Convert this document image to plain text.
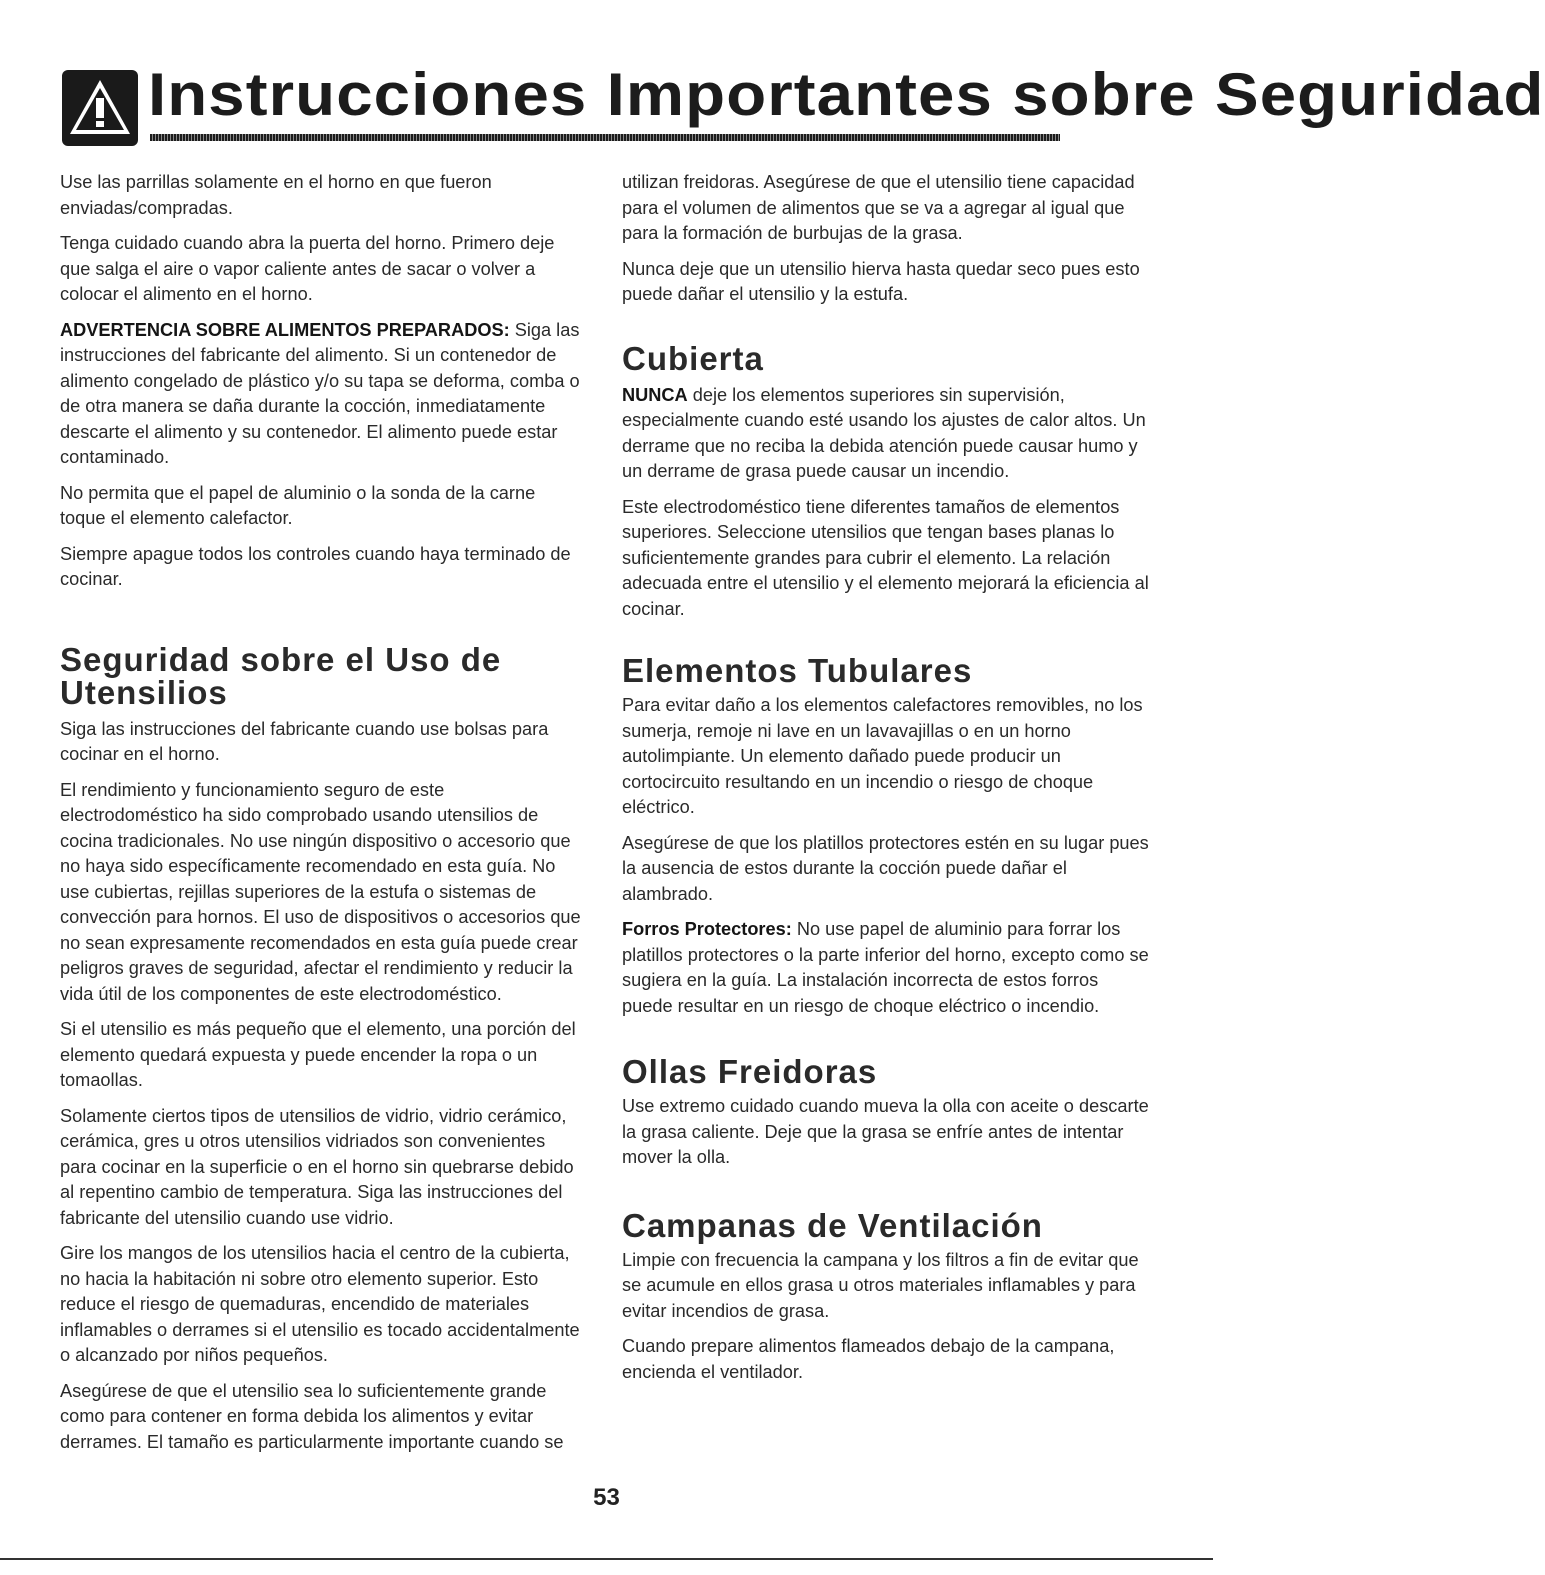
Instrucciones Importantes sobre Seguridad

Use las parrillas solamente en el horno en que fueron enviadas/compradas.

Tenga cuidado cuando abra la puerta del horno. Primero deje que salga el aire o vapor caliente antes de sacar o volver a colocar el alimento en el horno.

ADVERTENCIA SOBRE ALIMENTOS PREPARADOS: Siga las instrucciones del fabricante del alimento. Si un contenedor de alimento congelado de plástico y/o su tapa se deforma, comba o de otra manera se daña durante la cocción, inmediatamente descarte el alimento y su contenedor. El alimento puede estar contaminado.

No permita que el papel de aluminio o la sonda de la carne toque el elemento calefactor.

Siempre apague todos los controles cuando haya terminado de cocinar.

Seguridad sobre el Uso de Utensilios

Siga las instrucciones del fabricante cuando use bolsas para cocinar en el horno.

El rendimiento y funcionamiento seguro de este electrodoméstico ha sido comprobado usando utensilios de cocina tradicionales. No use ningún dispositivo o accesorio que no haya sido específicamente recomendado en esta guía. No use cubiertas, rejillas superiores de la estufa o sistemas de convección para hornos. El uso de dispositivos o accesorios que no sean expresamente recomendados en esta guía puede crear peligros graves de seguridad, afectar el rendimiento y reducir la vida útil de los componentes de este electrodoméstico.

Si el utensilio es más pequeño que el elemento, una porción del elemento quedará expuesta y puede encender la ropa o un tomaollas.

Solamente ciertos tipos de utensilios de vidrio, vidrio cerámico, cerámica, gres u otros utensilios vidriados son convenientes para cocinar en la superficie o en el horno sin quebrarse debido al repentino cambio de temperatura. Siga las instrucciones del fabricante del utensilio cuando use vidrio.

Gire los mangos de los utensilios hacia el centro de la cubierta, no hacia la habitación ni sobre otro elemento superior. Esto reduce el riesgo de quemaduras, encendido de materiales inflamables o derrames si el utensilio es tocado accidentalmente o alcanzado por niños pequeños.

Asegúrese de que el utensilio sea lo suficientemente grande como para contener en forma debida los alimentos y evitar derrames. El tamaño es particularmente importante cuando se

utilizan freidoras. Asegúrese de que el utensilio tiene capacidad para el volumen de alimentos que se va a agregar al igual que para la formación de burbujas de la grasa.

Nunca deje que un utensilio hierva hasta quedar seco pues esto puede dañar el utensilio y la estufa.

Cubierta

NUNCA deje los elementos superiores sin supervisión, especialmente cuando esté usando los ajustes de calor altos. Un derrame que no reciba la debida atención puede causar humo y un derrame de grasa puede causar un incendio.

Este electrodoméstico tiene diferentes tamaños de elementos superiores. Seleccione utensilios que tengan bases planas lo suficientemente grandes para cubrir el elemento. La relación adecuada entre el utensilio y el elemento mejorará la eficiencia al cocinar.

Elementos Tubulares

Para evitar daño a los elementos calefactores removibles, no los sumerja, remoje ni lave en un lavavajillas o en un horno autolimpiante. Un elemento dañado puede producir un cortocircuito resultando en un incendio o riesgo de choque eléctrico.

Asegúrese de que los platillos protectores estén en su lugar pues la ausencia de estos durante la cocción puede dañar el alambrado.

Forros Protectores: No use papel de aluminio para forrar los platillos protectores o la parte inferior del horno, excepto como se sugiera en la guía. La instalación incorrecta de estos forros puede resultar en un riesgo de choque eléctrico o incendio.

Ollas Freidoras

Use extremo cuidado cuando mueva la olla con aceite o descarte la grasa caliente. Deje que la grasa se enfríe antes de intentar mover la olla.

Campanas de Ventilación

Limpie con frecuencia la campana y los filtros a fin de evitar que se acumule en ellos grasa u otros materiales inflamables y para evitar incendios de grasa.

Cuando prepare alimentos flameados debajo de la campana, encienda el ventilador.

53
